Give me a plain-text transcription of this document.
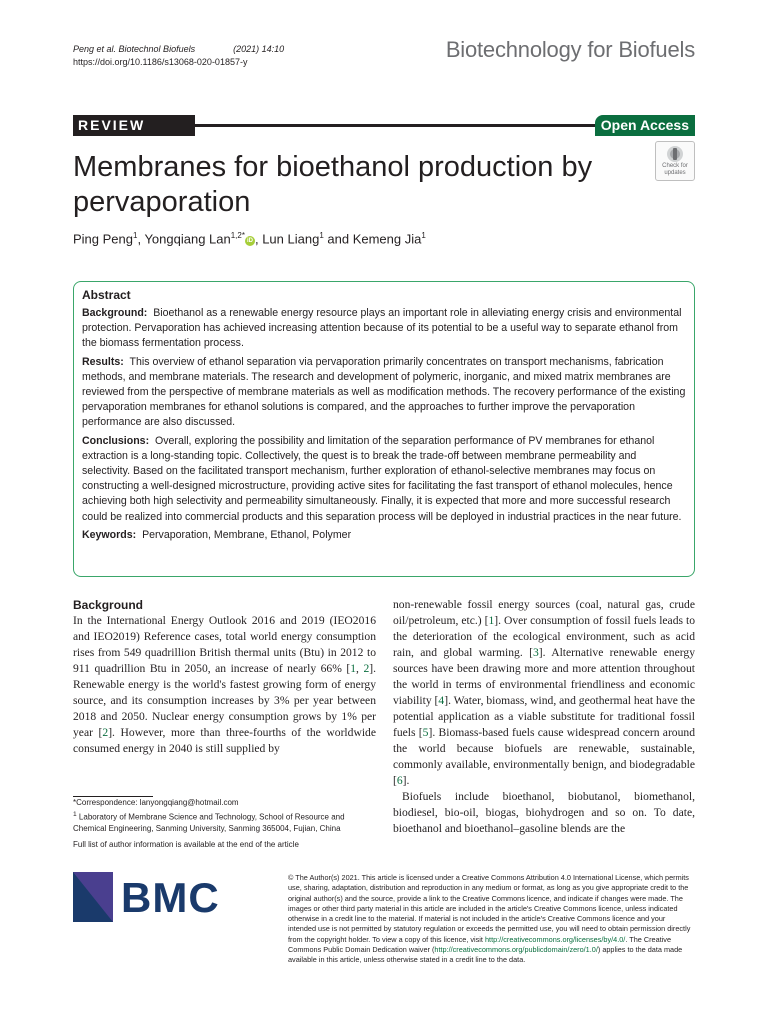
Peng et al. Biotechnol Biofuels	(2021) 14:10
https://doi.org/10.1186/s13068-020-01857-y	Biotechnology for Biofuels
REVIEW	Open Access
Membranes for bioethanol production by pervaporation
Check for
updates
Ping Peng$^1$, Yongqiang Lan$^{1,2*}$iD , Lun Liang$^1$ and Kemeng Jia$^1$
Abstract

Background: Bioethanol as a renewable energy resource plays an important role in alleviating energy crisis and environmental protection. Pervaporation has achieved increasing attention because of its potential to be a useful way to separate ethanol from the biomass fermentation process.

Results: This overview of ethanol separation via pervaporation primarily concentrates on transport mechanisms, fabrication methods, and membrane materials. The research and development of polymeric, inorganic, and mixed matrix membranes are reviewed from the perspective of membrane materials as well as modification methods. The recovery performance of the existing pervaporation membranes for ethanol solutions is compared, and the approaches to further improve the pervaporation performance are also discussed.

Conclusions: Overall, exploring the possibility and limitation of the separation performance of PV membranes for ethanol extraction is a long-standing topic. Collectively, the quest is to break the trade-off between membrane permeability and selectivity. Based on the facilitated transport mechanism, further exploration of ethanol-selective membranes may focus on constructing a well-designed microstructure, providing active sites for facilitating the fast transport of ethanol molecules, hence achieving both high selectivity and permeability simultaneously. Finally, it is expected that more and more successful research could be realized into commercial products and this separation process will be deployed in industrial practices in the near future.

Keywords: Pervaporation, Membrane, Ethanol, Polymer

Background

In the International Energy Outlook 2016 and 2019 (IEO2016 and IEO2019) Reference cases, total world energy consumption rises from 549 quadrillion British thermal units (Btu) in 2012 to 911 quadrillion Btu in 2050, an increase of nearly 66% [1, 2]. Renewable energy is the world's fastest growing form of energy source, and its consumption increases by 3% per year between 2018 and 2050. Nuclear energy consumption grows by 1% per year [2]. However, more than three-fourths of the worldwide consumed energy in 2040 is still supplied by

non-renewable fossil energy sources (coal, natural gas, crude oil/petroleum, etc.) [1]. Over consumption of fossil fuels leads to the deterioration of the ecological environment, such as acid rain, and global warming. [3]. Alternative renewable energy sources have been drawing more and more attention throughout the world in terms of environmental friendliness and economic viability [4]. Water, biomass, wind, and geothermal heat have the potential application as a viable substitute for traditional fossil fuels [5]. Biomass-based fuels cause widespread concern around the world because biofuels are renewable, sustainable, commonly available, environmentally benign, and biodegradable [6].

Biofuels include bioethanol, biobutanol, biomethanol, biodiesel, bio-oil, biogas, biohydrogen and so on. To date, bioethanol and bioethanol–gasoline blends are the

*Correspondence: lanyongqiang@hotmail.com

$^1$ Laboratory of Membrane Science and Technology, School of Resource and Chemical Engineering, Sanming University, Sanming 365004, Fujian, China

Full list of author information is available at the end of the article

BMC	© The Author(s) 2021. This article is licensed under a Creative Commons Attribution 4.0 International License, which permits use, sharing, adaptation, distribution and reproduction in any medium or format, as long as you give appropriate credit to the original author(s) and the source, provide a link to the Creative Commons licence, and indicate if changes were made. The images or other third party material in this article are included in the article's Creative Commons licence, unless indicated otherwise in a credit line to the material. If material is not included in the article's Creative Commons licence and your intended use is not permitted by statutory regulation or exceeds the permitted use, you will need to obtain permission directly from the copyright holder. To view a copy of this licence, visit http://creativecommons.org/licenses/by/4.0/. The Creative Commons Public Domain Dedication waiver (http://creativecommons.org/publicdomain/zero/1.0/) applies to the data made available in this article, unless otherwise stated in a credit line to the data.
